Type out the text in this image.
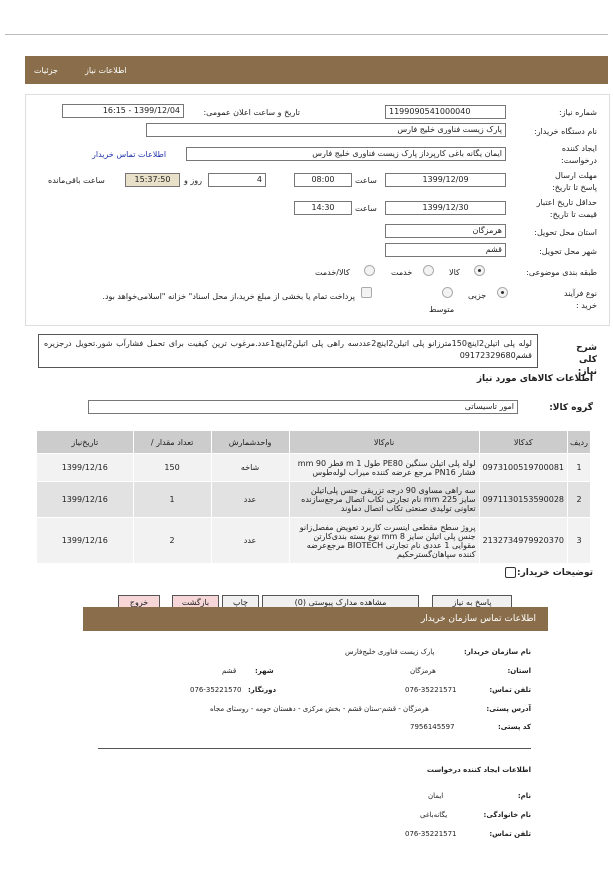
جزئیات	اطلاعات نیاز
شماره نیاز:
1199090541000040
تاریخ و ساعت اعلان عمومی:
1399/12/04 - 16:15
نام دستگاه خریدار:
پارک زیست فناوری خلیج فارس
ایجاد کننده درخواست:
ایمان یگانه باغی کارپرداز پارک زیست فناوری خلیج فارس
اطلاعات تماس خریدار
مهلت ارسال پاسخ تا تاریخ:
1399/12/09
ساعت
08:00
4
روز و
15:37:50
ساعت باقی‌مانده
حداقل تاریخ اعتبار قیمت تا تاریخ:
1399/12/30
ساعت
14:30
استان محل تحویل:
هرمزگان
شهر محل تحویل:
قشم
طبقه بندی موضوعی:
کالا
خدمت
کالا/خدمت
نوع فرآیند خرید :
جزیی
متوسط
پرداخت تمام یا بخشی از مبلغ خرید،از محل اسناد" خزانه "اسلامی‌خواهد بود.
شرح کلی نیاز:
لوله پلی اتیلن2اینچ150مترزانو پلی اتیلن2اینچ2عددسه راهی پلی اتیلن2اینچ1عدد.مرغوب ترین کیفیت برای تحمل فشارآب شور.تحویل درجزیره قشم09172329680
اطلاعات کالاهای مورد نیاز
گروه کالا:
امور تاسیساتی
ردیف	کدکالا	نام‌کالا	واحدشمارش	تعداد مقدار /	تاریخ‌نیاز
1	0973100519700081	لوله پلی اتیلن سنگین PE80 طول m 1 قطر mm 90 فشار PN16 مرجع عرضه کننده میراب لوله‌طوس	شاخه	150	1399/12/16
2	0971130153590028	سه راهی مساوی 90 درجه تزریقی جنس پلی‌اتیلن سایز mm 225 نام تجارتی تکاب اتصال مرجع‌سازنده تعاونی تولیدی صنعتی تکاب اتصال دماوند	عدد	1	1399/12/16
3	2132734979920370	پروژ سطح مقطعی اینسرت کاربرد تعویض مفصل‌زانو جنس پلی اتیلن سایز mm 8 نوع بسته بندی‌کارتن مقوایی 1 عددی نام تجارتی BIOTECH مرجع‌عرضه کننده سپاهان‌گسترحکیم	عدد	2	1399/12/16
توضیحات خریدار:
پاسخ به نیاز
مشاهده مدارک پیوستی (0)
چاپ
بازگشت
خروج
اطلاعات تماس سازمان خریدار
نام سازمان خریدار:
پارک زیست فناوری خلیج‌فارس
استان:
هرمزگان
شهر:
قشم
تلفن تماس:
076-35221571
دورنگار:
076-35221570
آدرس پستی:
هرمزگان - قشم-ستان قشم - بخش مرکزی - دهستان حومه - روستای مجاه
کد پستی:
7956145597
اطلاعات ایجاد کننده درخواست
نام:
ایمان
نام خانوادگی:
یگانه‌باغی
تلفن تماس:
076-35221571
